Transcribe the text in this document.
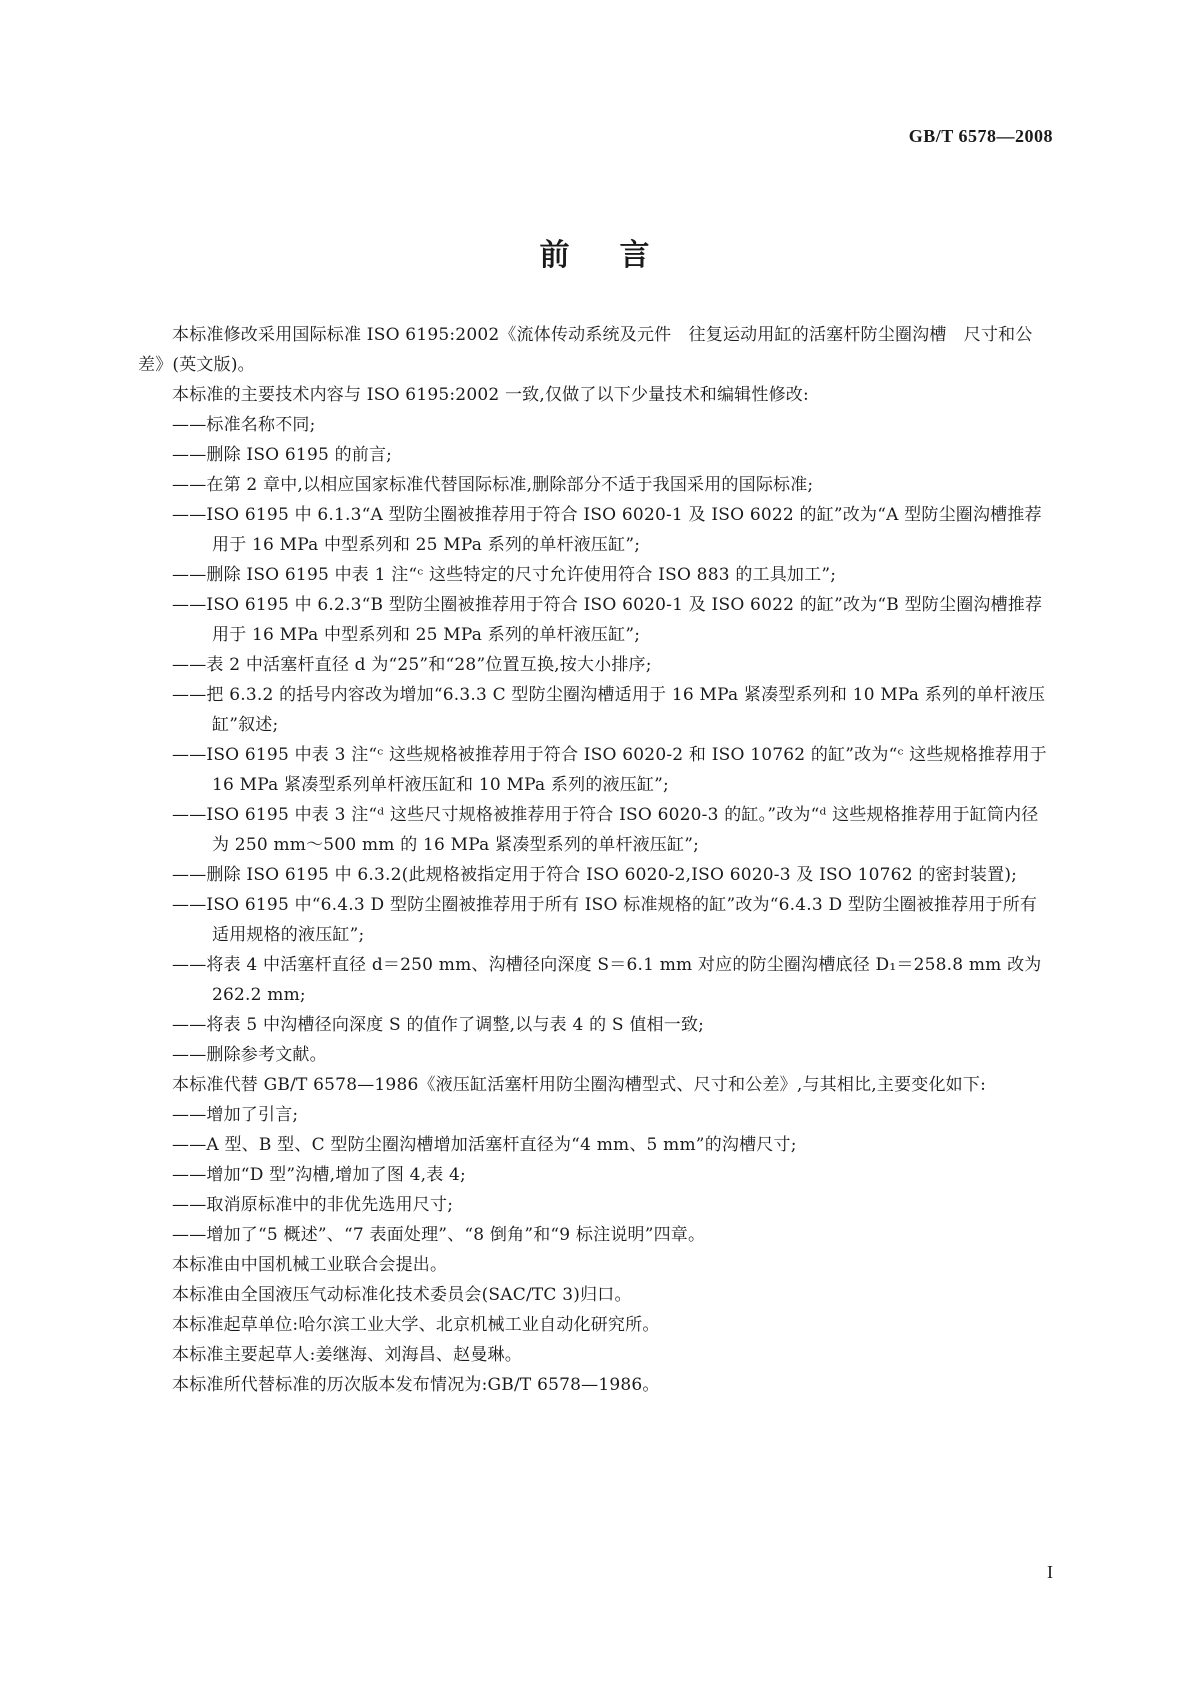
GB/T 6578—2008
前 言

本标准修改采用国际标准 ISO 6195:2002《流体传动系统及元件　往复运动用缸的活塞杆防尘圈沟槽　尺寸和公差》(英文版)。

本标准的主要技术内容与 ISO 6195:2002 一致,仅做了以下少量技术和编辑性修改:

——标准名称不同;

——删除 ISO 6195 的前言;

——在第 2 章中,以相应国家标准代替国际标准,删除部分不适于我国采用的国际标准;

——ISO 6195 中 6.1.3“A 型防尘圈被推荐用于符合 ISO 6020-1 及 ISO 6022 的缸”改为“A 型防尘圈沟槽推荐用于 16 MPa 中型系列和 25 MPa 系列的单杆液压缸”;

——删除 ISO 6195 中表 1 注“ᶜ 这些特定的尺寸允许使用符合 ISO 883 的工具加工”;

——ISO 6195 中 6.2.3“B 型防尘圈被推荐用于符合 ISO 6020-1 及 ISO 6022 的缸”改为“B 型防尘圈沟槽推荐用于 16 MPa 中型系列和 25 MPa 系列的单杆液压缸”;

——表 2 中活塞杆直径 d 为“25”和“28”位置互换,按大小排序;

——把 6.3.2 的括号内容改为增加“6.3.3 C 型防尘圈沟槽适用于 16 MPa 紧凑型系列和 10 MPa 系列的单杆液压缸”叙述;

——ISO 6195 中表 3 注“ᶜ 这些规格被推荐用于符合 ISO 6020-2 和 ISO 10762 的缸”改为“ᶜ 这些规格推荐用于 16 MPa 紧凑型系列单杆液压缸和 10 MPa 系列的液压缸”;

——ISO 6195 中表 3 注“ᵈ 这些尺寸规格被推荐用于符合 ISO 6020-3 的缸。”改为“ᵈ 这些规格推荐用于缸筒内径为 250 mm～500 mm 的 16 MPa 紧凑型系列的单杆液压缸”;

——删除 ISO 6195 中 6.3.2(此规格被指定用于符合 ISO 6020-2,ISO 6020-3 及 ISO 10762 的密封装置);

——ISO 6195 中“6.4.3 D 型防尘圈被推荐用于所有 ISO 标准规格的缸”改为“6.4.3 D 型防尘圈被推荐用于所有适用规格的液压缸”;

——将表 4 中活塞杆直径 d＝250 mm、沟槽径向深度 S＝6.1 mm 对应的防尘圈沟槽底径 D₁＝258.8 mm 改为 262.2 mm;

——将表 5 中沟槽径向深度 S 的值作了调整,以与表 4 的 S 值相一致;

——删除参考文献。

本标准代替 GB/T 6578—1986《液压缸活塞杆用防尘圈沟槽型式、尺寸和公差》,与其相比,主要变化如下:

——增加了引言;

——A 型、B 型、C 型防尘圈沟槽增加活塞杆直径为“4 mm、5 mm”的沟槽尺寸;

——增加“D 型”沟槽,增加了图 4,表 4;

——取消原标准中的非优先选用尺寸;

——增加了“5 概述”、“7 表面处理”、“8 倒角”和“9 标注说明”四章。

本标准由中国机械工业联合会提出。

本标准由全国液压气动标准化技术委员会(SAC/TC 3)归口。

本标准起草单位:哈尔滨工业大学、北京机械工业自动化研究所。

本标准主要起草人:姜继海、刘海昌、赵曼琳。

本标准所代替标准的历次版本发布情况为:GB/T 6578—1986。

I
